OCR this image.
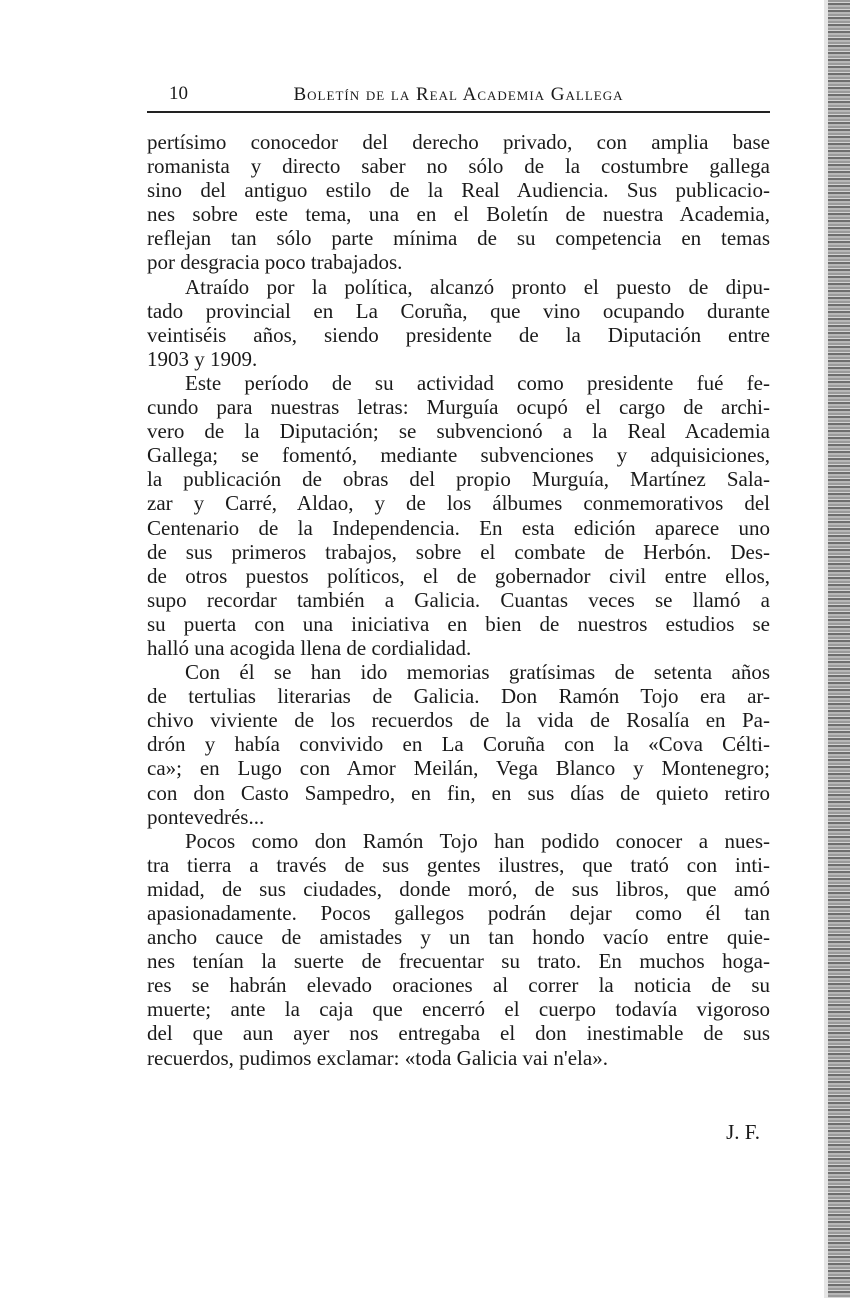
10	Boletín de la Real Academia Gallega
pertísimo conocedor del derecho privado, con amplia base
romanista y directo saber no sólo de la costumbre gallega
sino del antiguo estilo de la Real Audiencia. Sus publicacio-
nes sobre este tema, una en el Boletín de nuestra Academia,
reflejan tan sólo parte mínima de su competencia en temas
por desgracia poco trabajados.
Atraído por la política, alcanzó pronto el puesto de dipu-
tado provincial en La Coruña, que vino ocupando durante
veintiséis años, siendo presidente de la Diputación entre
1903 y 1909.
Este período de su actividad como presidente fué fe-
cundo para nuestras letras: Murguía ocupó el cargo de archi-
vero de la Diputación; se subvencionó a la Real Academia
Gallega; se fomentó, mediante subvenciones y adquisiciones,
la publicación de obras del propio Murguía, Martínez Sala-
zar y Carré, Aldao, y de los álbumes conmemorativos del
Centenario de la Independencia. En esta edición aparece uno
de sus primeros trabajos, sobre el combate de Herbón. Des-
de otros puestos políticos, el de gobernador civil entre ellos,
supo recordar también a Galicia. Cuantas veces se llamó a
su puerta con una iniciativa en bien de nuestros estudios se
halló una acogida llena de cordialidad.
Con él se han ido memorias gratísimas de setenta años
de tertulias literarias de Galicia. Don Ramón Tojo era ar-
chivo viviente de los recuerdos de la vida de Rosalía en Pa-
drón y había convivido en La Coruña con la «Cova Célti-
ca»; en Lugo con Amor Meilán, Vega Blanco y Montenegro;
con don Casto Sampedro, en fin, en sus días de quieto retiro
pontevedrés...
Pocos como don Ramón Tojo han podido conocer a nues-
tra tierra a través de sus gentes ilustres, que trató con inti-
midad, de sus ciudades, donde moró, de sus libros, que amó
apasionadamente. Pocos gallegos podrán dejar como él tan
ancho cauce de amistades y un tan hondo vacío entre quie-
nes tenían la suerte de frecuentar su trato. En muchos hoga-
res se habrán elevado oraciones al correr la noticia de su
muerte; ante la caja que encerró el cuerpo todavía vigoroso
del que aun ayer nos entregaba el don inestimable de sus
recuerdos, pudimos exclamar: «toda Galicia vai n'ela».
J. F.
